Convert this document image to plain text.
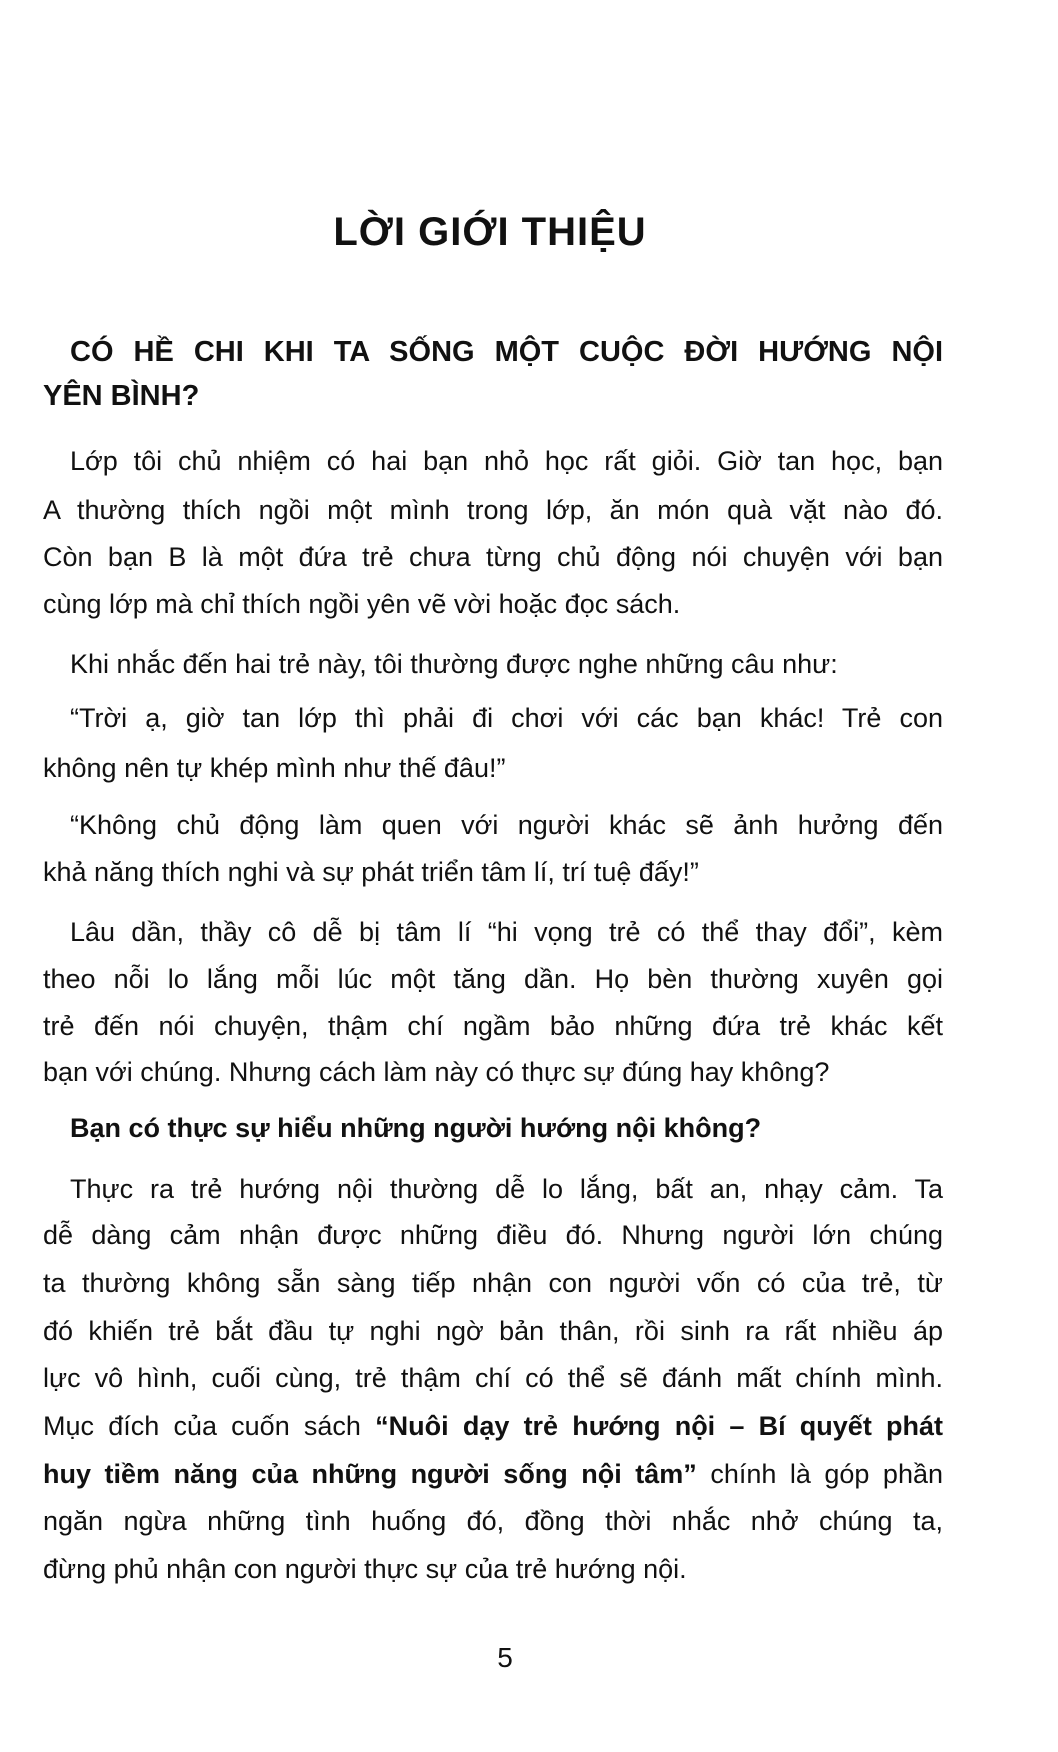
LỜI GIỚI THIỆU
CÓ HỀ CHI KHI TA SỐNG MỘT CUỘC ĐỜI HƯỚNG NỘI
YÊN BÌNH?
Lớp tôi chủ nhiệm có hai bạn nhỏ học rất giỏi. Giờ tan học, bạn
A thường thích ngồi một mình trong lớp, ăn món quà vặt nào đó.
Còn bạn B là một đứa trẻ chưa từng chủ động nói chuyện với bạn
cùng lớp mà chỉ thích ngồi yên vẽ vời hoặc đọc sách.
Khi nhắc đến hai trẻ này, tôi thường được nghe những câu như:
“Trời ạ, giờ tan lớp thì phải đi chơi với các bạn khác! Trẻ con
không nên tự khép mình như thế đâu!”
“Không chủ động làm quen với người khác sẽ ảnh hưởng đến
khả năng thích nghi và sự phát triển tâm lí, trí tuệ đấy!”
Lâu dần, thầy cô dễ bị tâm lí “hi vọng trẻ có thể thay đổi”, kèm
theo nỗi lo lắng mỗi lúc một tăng dần. Họ bèn thường xuyên gọi
trẻ đến nói chuyện, thậm chí ngầm bảo những đứa trẻ khác kết
bạn với chúng. Nhưng cách làm này có thực sự đúng hay không?
Bạn có thực sự hiểu những người hướng nội không?
Thực ra trẻ hướng nội thường dễ lo lắng, bất an, nhạy cảm. Ta
dễ dàng cảm nhận được những điều đó. Nhưng người lớn chúng
ta thường không sẵn sàng tiếp nhận con người vốn có của trẻ, từ
đó khiến trẻ bắt đầu tự nghi ngờ bản thân, rồi sinh ra rất nhiều áp
lực vô hình, cuối cùng, trẻ thậm chí có thể sẽ đánh mất chính mình.
Mục đích của cuốn sách “Nuôi dạy trẻ hướng nội – Bí quyết phát
huy tiềm năng của những người sống nội tâm” chính là góp phần
ngăn ngừa những tình huống đó, đồng thời nhắc nhở chúng ta,
đừng phủ nhận con người thực sự của trẻ hướng nội.
5
